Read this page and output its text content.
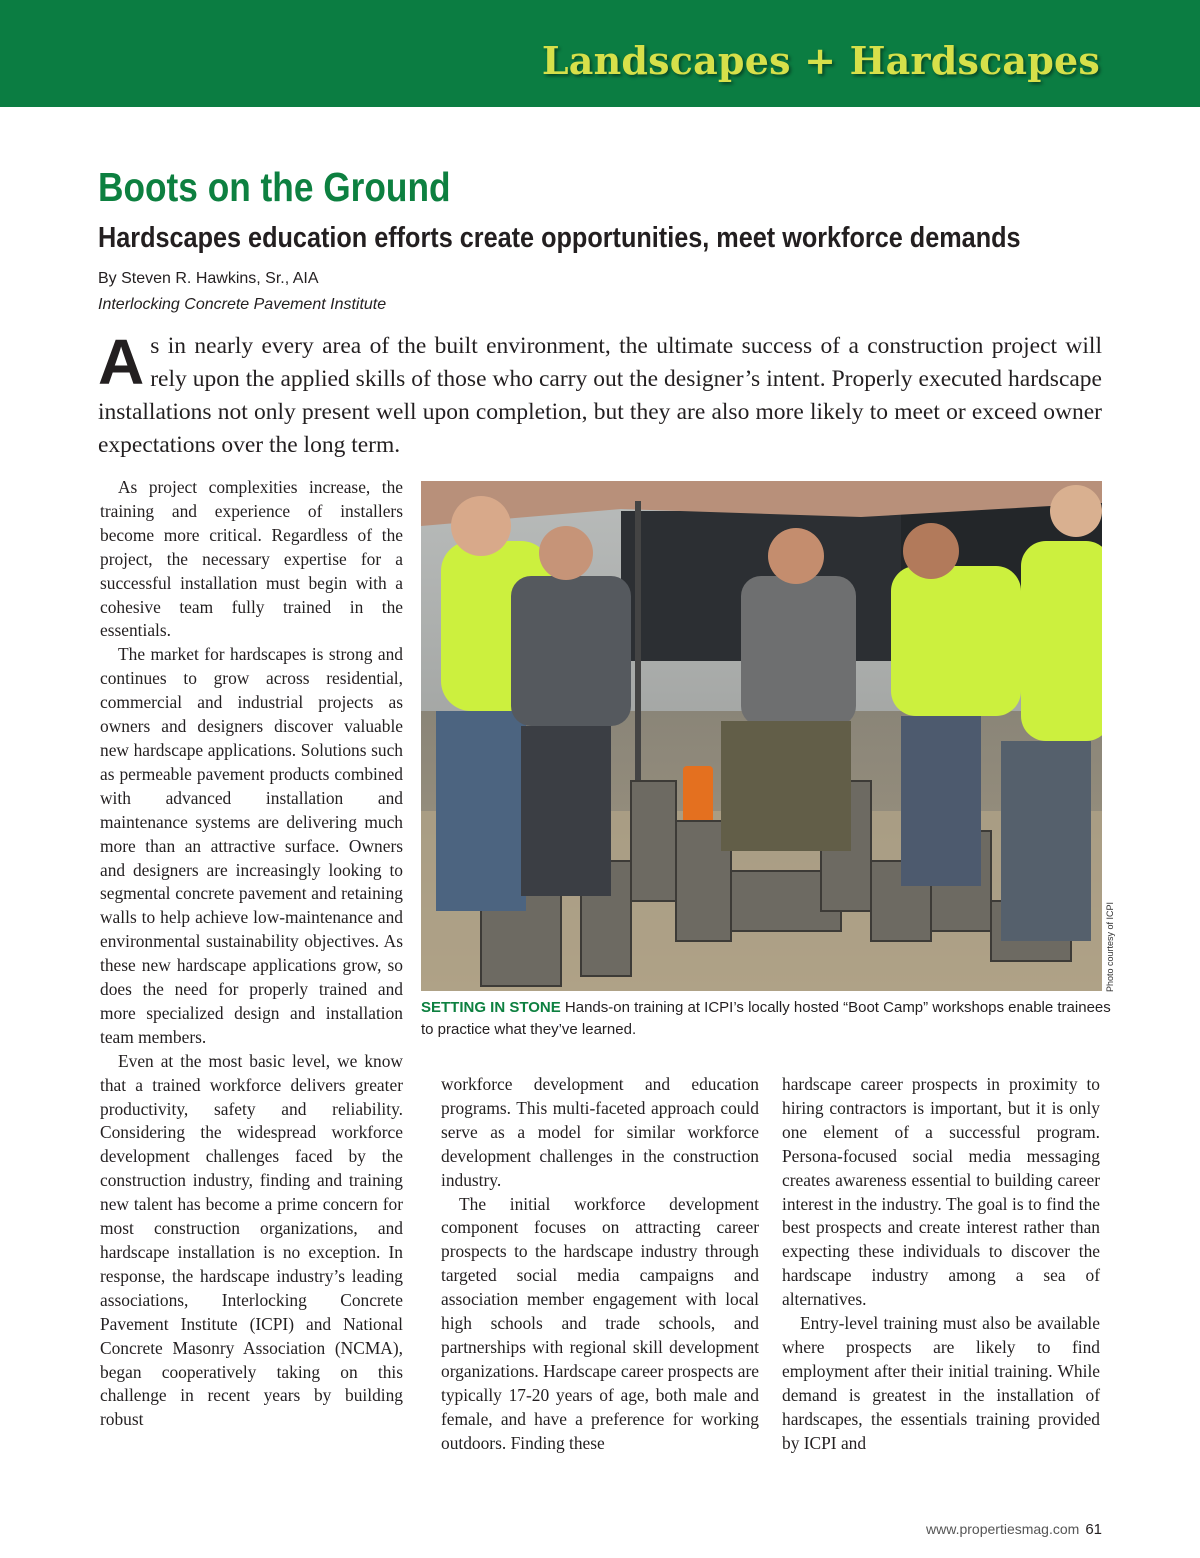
Landscapes + Hardscapes
Boots on the Ground
Hardscapes education efforts create opportunities, meet workforce demands
By Steven R. Hawkins, Sr., AIA
Interlocking Concrete Pavement Institute

As in nearly every area of the built environment, the ultimate success of a construction project will rely upon the applied skills of those who carry out the designer’s intent. Properly executed hardscape installations not only present well upon completion, but they are also more likely to meet or exceed owner expectations over the long term.

As project complexities increase, the training and experience of installers become more critical. Regardless of the project, the necessary expertise for a successful installation must begin with a cohesive team fully trained in the essentials.

The market for hardscapes is strong and continues to grow across residential, commercial and industrial projects as owners and designers discover valuable new hardscape applications. Solutions such as permeable pavement products combined with advanced installation and maintenance systems are delivering much more than an attractive surface. Owners and designers are increasingly looking to segmental concrete pavement and retaining walls to help achieve low-maintenance and environmental sustainability objectives. As these new hardscape applications grow, so does the need for properly trained and more specialized design and installation team members.

Even at the most basic level, we know that a trained workforce delivers greater productivity, safety and reliability. Considering the widespread workforce development challenges faced by the construction industry, finding and training new talent has become a prime concern for most construction organizations, and hardscape installation is no exception. In response, the hardscape industry’s leading associations, Interlocking Concrete Pavement Institute (ICPI) and National Concrete Masonry Association (NCMA), began cooperatively taking on this challenge in recent years by building robust

Photo courtesy of ICPI

SETTING IN STONE Hands-on training at ICPI’s locally hosted “Boot Camp” workshops enable trainees to practice what they’ve learned.

workforce development and education programs. This multi-faceted approach could serve as a model for similar workforce development challenges in the construction industry.

The initial workforce development component focuses on attracting career prospects to the hardscape industry through targeted social media campaigns and association member engagement with local high schools and trade schools, and partnerships with regional skill development organizations. Hardscape career prospects are typically 17-20 years of age, both male and female, and have a preference for working outdoors. Finding these

hardscape career prospects in proximity to hiring contractors is important, but it is only one element of a successful program. Persona-focused social media messaging creates awareness essential to building career interest in the industry. The goal is to find the best prospects and create interest rather than expecting these individuals to discover the hardscape industry among a sea of alternatives.

Entry-level training must also be available where prospects are likely to find employment after their initial training. While demand is greatest in the installation of hardscapes, the essentials training provided by ICPI and

www.propertiesmag.com 61
